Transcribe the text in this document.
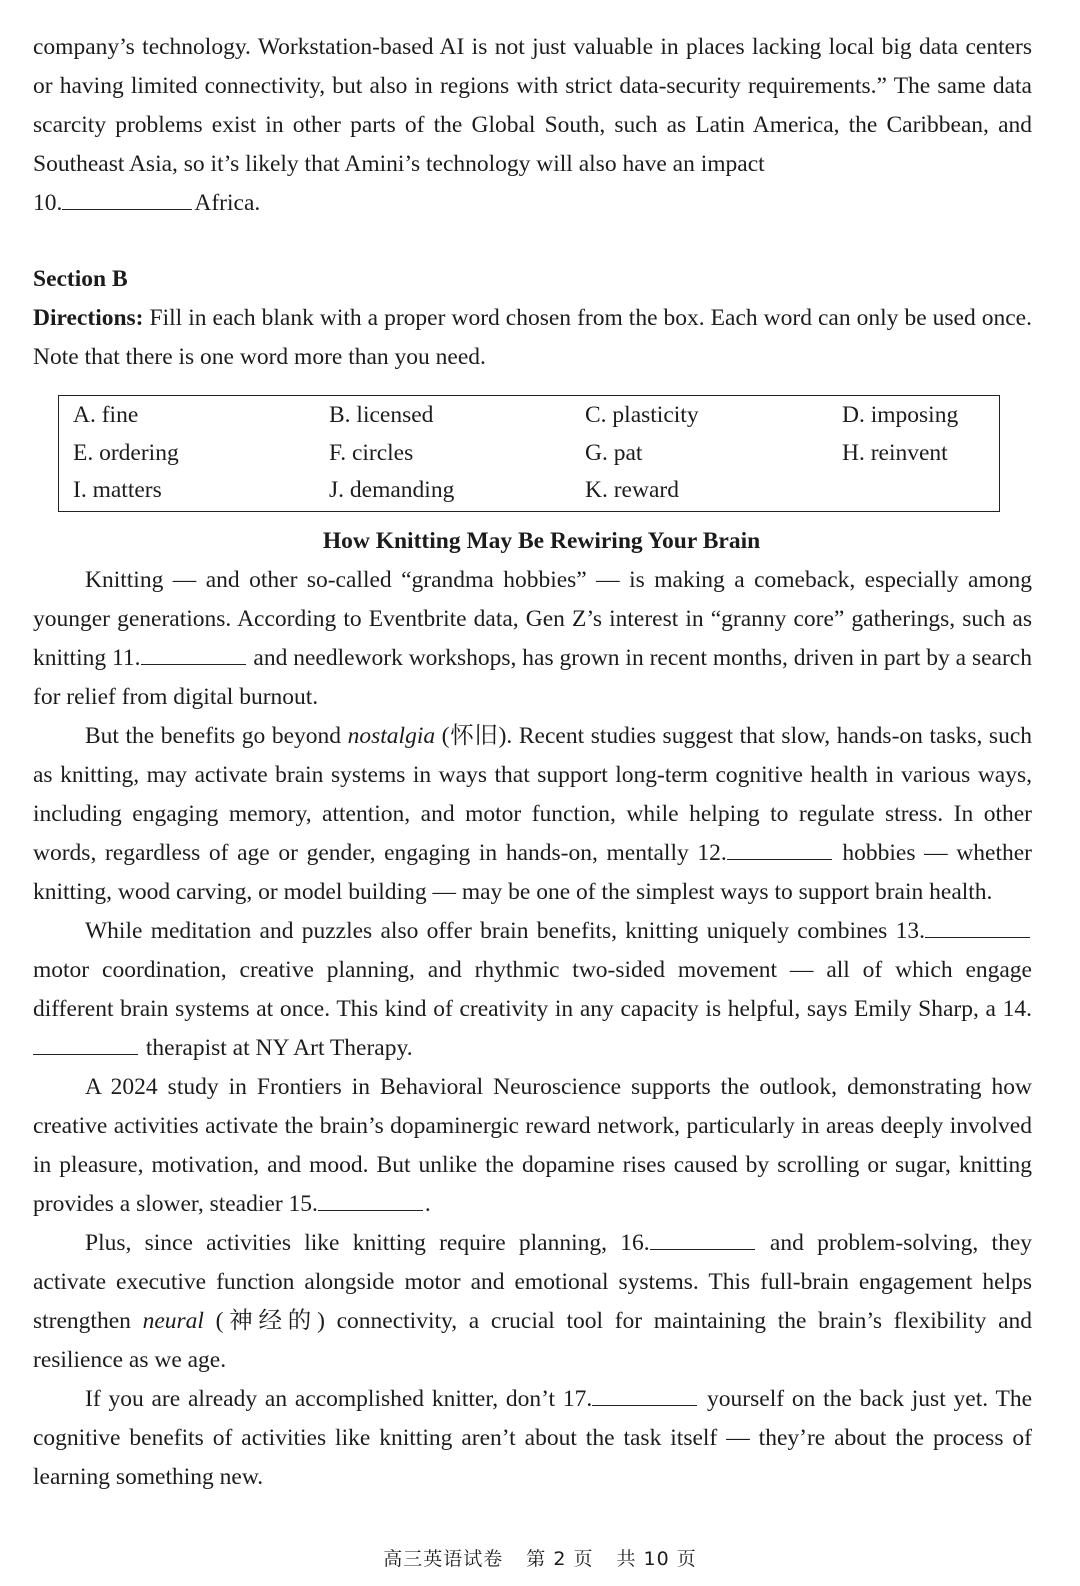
company’s technology. Workstation-based AI is not just valuable in places lacking local big data centers or having limited connectivity, but also in regions with strict data-security requirements.” The same data scarcity problems exist in other parts of the Global South, such as Latin America, the Caribbean, and Southeast Asia, so it’s likely that Amini’s technology will also have an impact
10.	Africa.

Section B

Directions: Fill in each blank with a proper word chosen from the box. Each word can only be used once. Note that there is one word more than you need.

A. fine	B. licensed	C. plasticity	D. imposing
E. ordering	F. circles	G. pat	H. reinvent
I. matters	J. demanding	K. reward

How Knitting May Be Rewiring Your Brain

Knitting — and other so-called “grandma hobbies” — is making a comeback, especially among younger generations. According to Eventbrite data, Gen Z’s interest in “granny core” gatherings, such as knitting 11.	and needlework workshops, has grown in recent months, driven in part by a search for relief from digital burnout.

But the benefits go beyond nostalgia (怀旧). Recent studies suggest that slow, hands-on tasks, such as knitting, may activate brain systems in ways that support long-term cognitive health in various ways, including engaging memory, attention, and motor function, while helping to regulate stress. In other words, regardless of age or gender, engaging in hands-on, mentally 12.	hobbies — whether knitting, wood carving, or model building — may be one of the simplest ways to support brain health.

While meditation and puzzles also offer brain benefits, knitting uniquely combines 13. motor coordination, creative planning, and rhythmic two-sided movement — all of which engage different brain systems at once. This kind of creativity in any capacity is helpful, says Emily Sharp, a 14. therapist at NY Art Therapy.

A 2024 study in Frontiers in Behavioral Neuroscience supports the outlook, demonstrating how creative activities activate the brain’s dopaminergic reward network, particularly in areas deeply involved in pleasure, motivation, and mood. But unlike the dopamine rises caused by scrolling or sugar, knitting provides a slower, steadier 15.	.

Plus, since activities like knitting require planning, 16.	and problem-solving, they activate executive function alongside motor and emotional systems. This full-brain engagement helps strengthen neural (神经的) connectivity, a crucial tool for maintaining the brain’s flexibility and resilience as we age.

If you are already an accomplished knitter, don’t 17.	yourself on the back just yet. The cognitive benefits of activities like knitting aren’t about the task itself — they’re about the process of learning something new.

高三英语试卷 第 2 页 共 10 页
